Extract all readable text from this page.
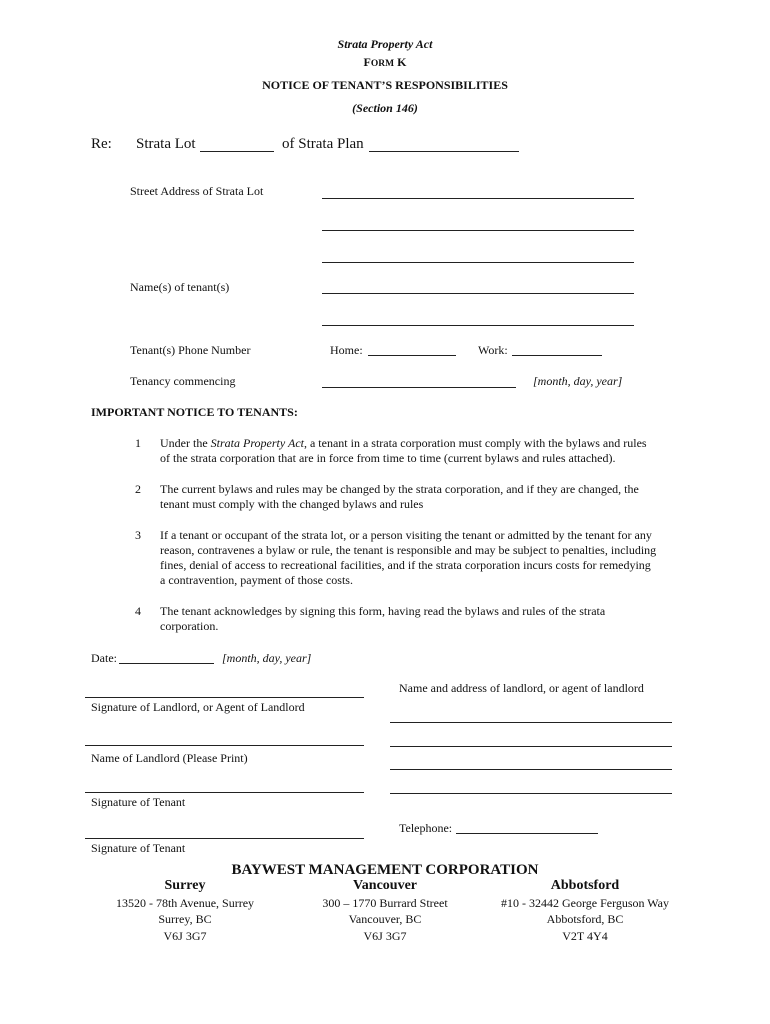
Strata Property Act
FORM K
NOTICE OF TENANT’S RESPONSIBILITIES
(Section 146)
Re: Strata Lot	of Strata Plan
Street Address of Strata Lot
Name(s) of tenant(s)
Tenant(s) Phone Number	Home:	Work:
Tenancy commencing	[month, day, year]
IMPORTANT NOTICE TO TENANTS:
1 Under the Strata Property Act, a tenant in a strata corporation must comply with the bylaws and rules
of the strata corporation that are in force from time to time (current bylaws and rules attached).
2 The current bylaws and rules may be changed by the strata corporation, and if they are changed, the
tenant must comply with the changed bylaws and rules
3 If a tenant or occupant of the strata lot, or a person visiting the tenant or admitted by the tenant for any
reason, contravenes a bylaw or rule, the tenant is responsible and may be subject to penalties, including
fines, denial of access to recreational facilities, and if the strata corporation incurs costs for remedying
a contravention, payment of those costs.
4 The tenant acknowledges by signing this form, having read the bylaws and rules of the strata
corporation.
Date:	[month, day, year]
Name and address of landlord, or agent of landlord
Telephone:
Signature of Landlord, or Agent of Landlord
Name of Landlord (Please Print)
Signature of Tenant
Signature of Tenant
BAYWEST MANAGEMENT CORPORATION
Surrey
13520 - 78th Avenue, Surrey
Surrey, BC
V6J 3G7
Vancouver
300 – 1770 Burrard Street
Vancouver, BC
V6J 3G7
Abbotsford
#10 - 32442 George Ferguson Way
Abbotsford, BC
V2T 4Y4
